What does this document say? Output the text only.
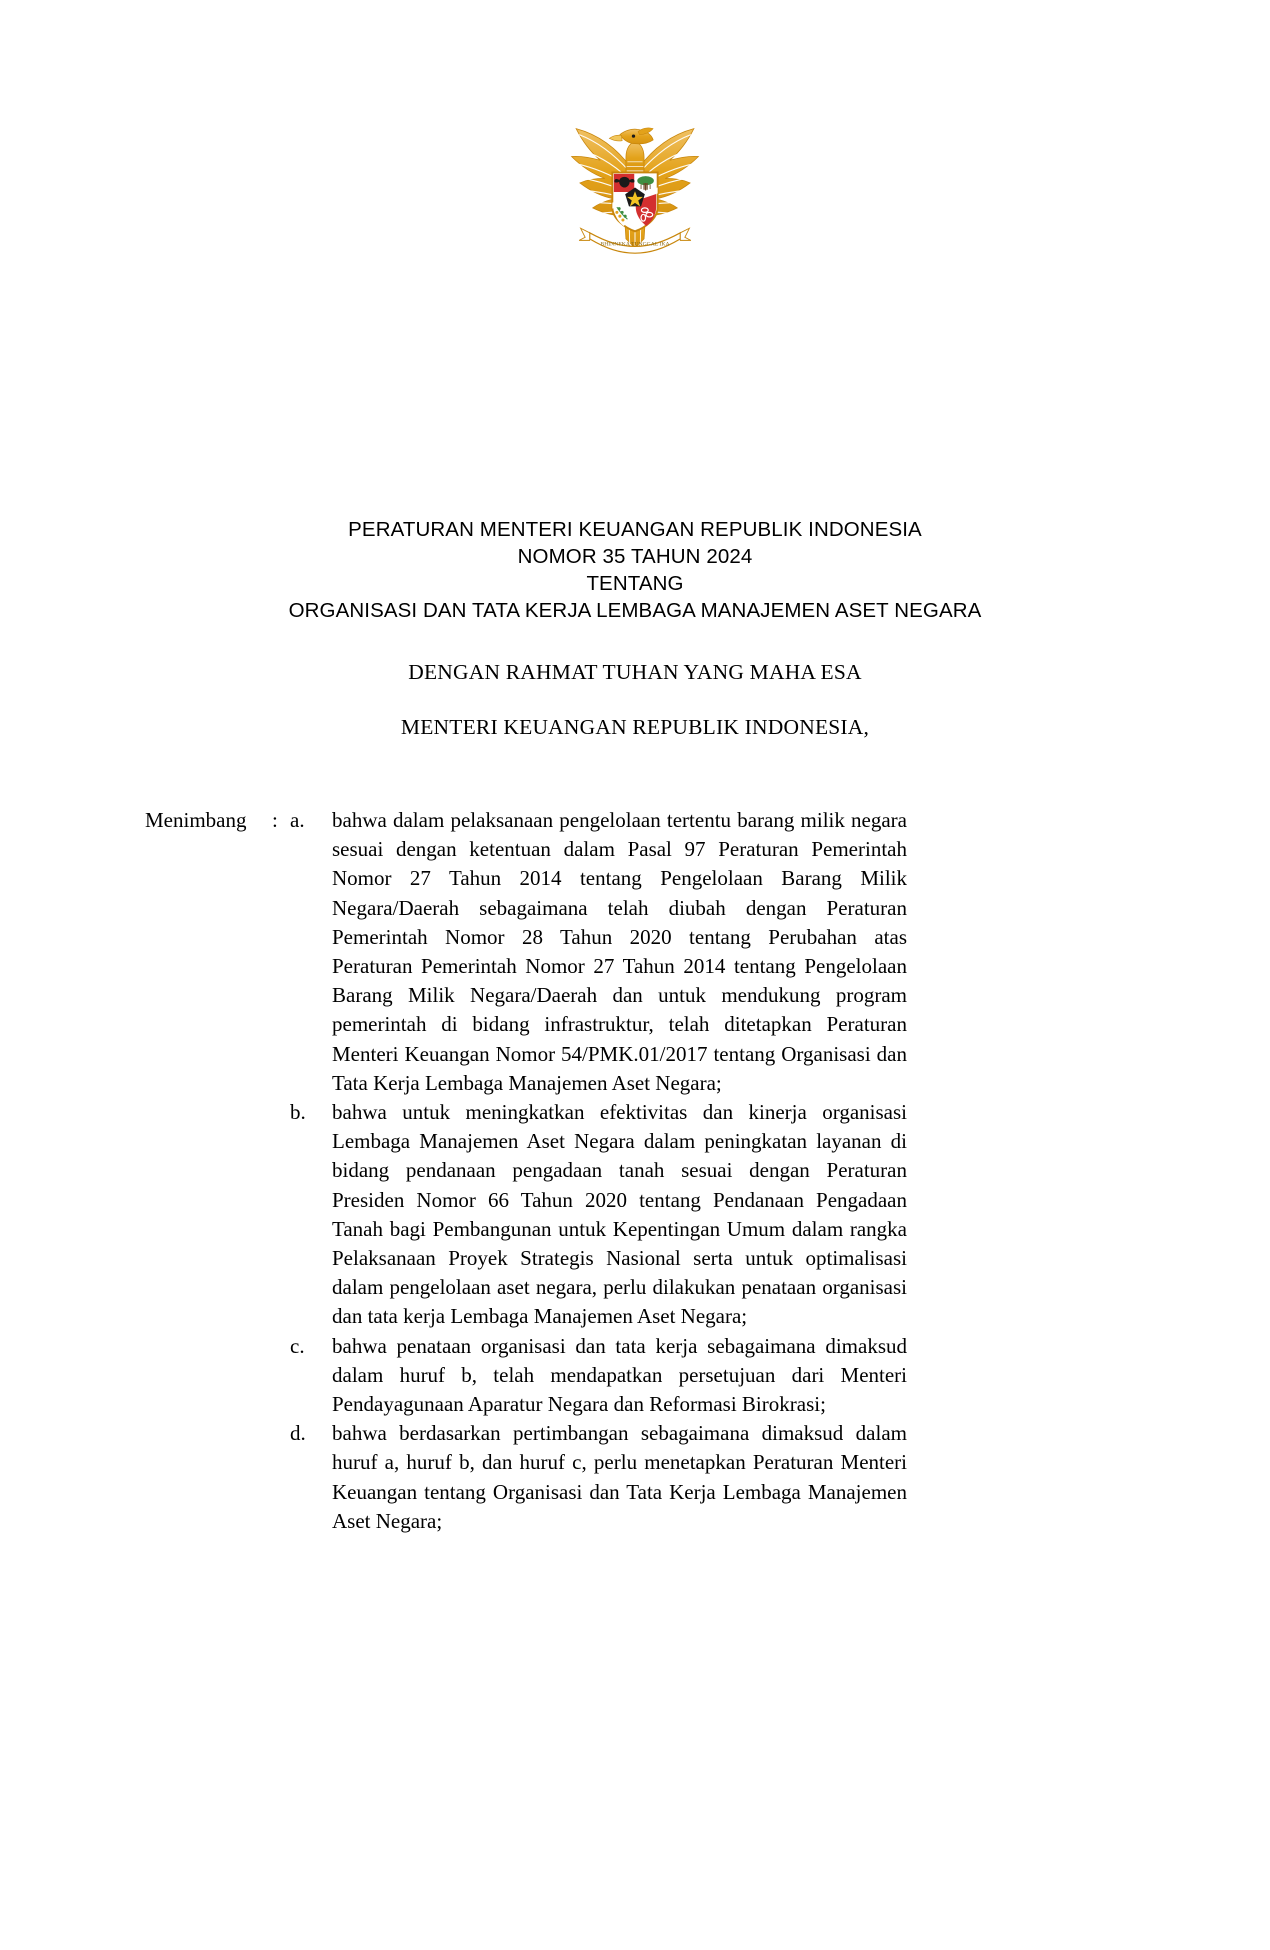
BHINNEKA TUNGGAL IKA
PERATURAN MENTERI KEUANGAN REPUBLIK INDONESIA
NOMOR 35 TAHUN 2024
TENTANG
ORGANISASI DAN TATA KERJA LEMBAGA MANAJEMEN ASET NEGARA
DENGAN RAHMAT TUHAN YANG MAHA ESA
MENTERI KEUANGAN REPUBLIK INDONESIA,
Menimbang	: a.	bahwa dalam pelaksanaan pengelolaan tertentu barang milik negara sesuai dengan ketentuan dalam Pasal 97 Peraturan Pemerintah Nomor 27 Tahun 2014 tentang Pengelolaan Barang Milik Negara/Daerah sebagaimana telah diubah dengan Peraturan Pemerintah Nomor 28 Tahun 2020 tentang Perubahan atas Peraturan Pemerintah Nomor 27 Tahun 2014 tentang Pengelolaan Barang Milik Negara/Daerah dan untuk mendukung program pemerintah di bidang infrastruktur, telah ditetapkan Peraturan Menteri Keuangan Nomor 54/PMK.01/2017 tentang Organisasi dan Tata Kerja Lembaga Manajemen Aset Negara;
b.	bahwa untuk meningkatkan efektivitas dan kinerja organisasi Lembaga Manajemen Aset Negara dalam peningkatan layanan di bidang pendanaan pengadaan tanah sesuai dengan Peraturan Presiden Nomor 66 Tahun 2020 tentang Pendanaan Pengadaan Tanah bagi Pembangunan untuk Kepentingan Umum dalam rangka Pelaksanaan Proyek Strategis Nasional serta untuk optimalisasi dalam pengelolaan aset negara, perlu dilakukan penataan organisasi dan tata kerja Lembaga Manajemen Aset Negara;
c.	bahwa penataan organisasi dan tata kerja sebagaimana dimaksud dalam huruf b, telah mendapatkan persetujuan dari Menteri Pendayagunaan Aparatur Negara dan Reformasi Birokrasi;
d.	bahwa berdasarkan pertimbangan sebagaimana dimaksud dalam huruf a, huruf b, dan huruf c, perlu menetapkan Peraturan Menteri Keuangan tentang Organisasi dan Tata Kerja Lembaga Manajemen Aset Negara;
